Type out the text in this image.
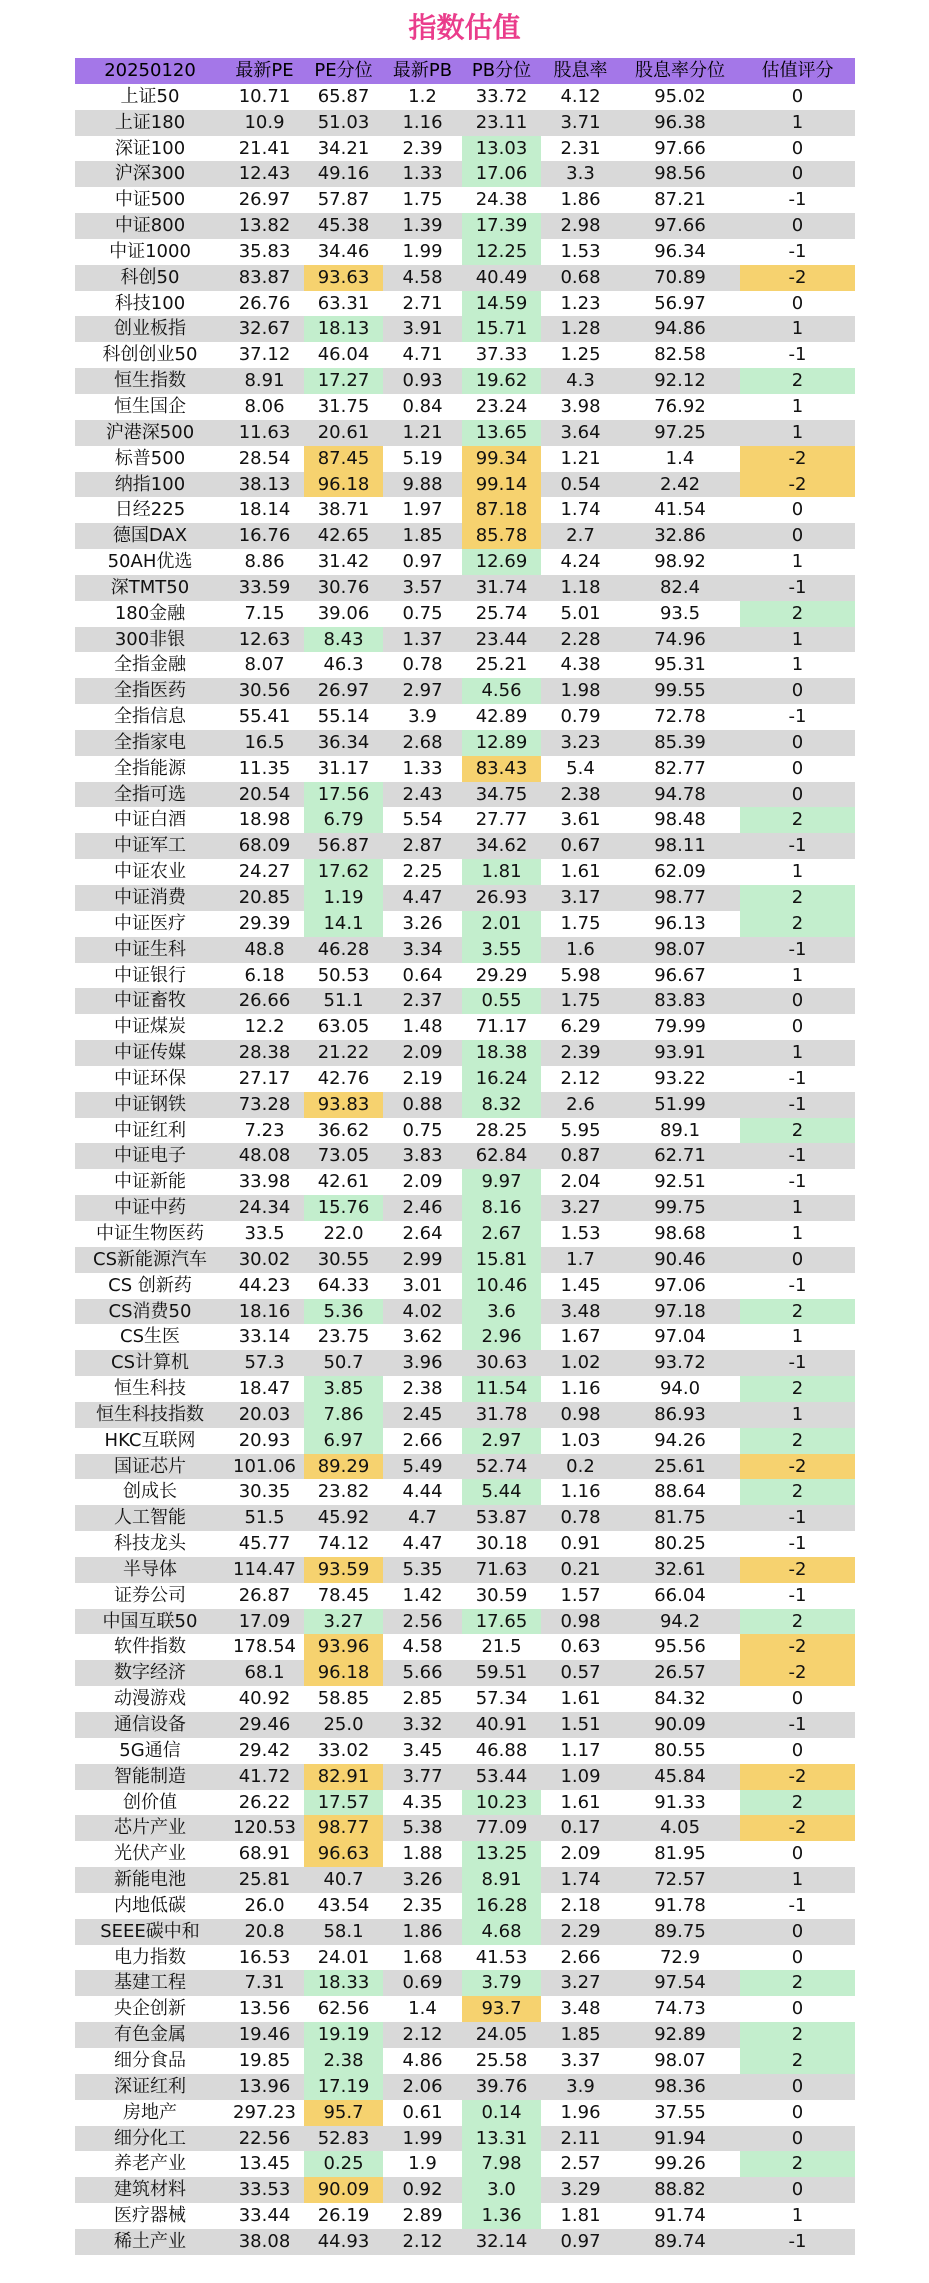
指数估值
20250120	最新PE	PE分位	最新PB	PB分位	股息率	股息率分位	估值评分
上证50	10.71	65.87	1.2	33.72	4.12	95.02	0
上证180	10.9	51.03	1.16	23.11	3.71	96.38	1
深证100	21.41	34.21	2.39	13.03	2.31	97.66	0
沪深300	12.43	49.16	1.33	17.06	3.3	98.56	0
中证500	26.97	57.87	1.75	24.38	1.86	87.21	-1
中证800	13.82	45.38	1.39	17.39	2.98	97.66	0
中证1000	35.83	34.46	1.99	12.25	1.53	96.34	-1
科创50	83.87	93.63	4.58	40.49	0.68	70.89	-2
科技100	26.76	63.31	2.71	14.59	1.23	56.97	0
创业板指	32.67	18.13	3.91	15.71	1.28	94.86	1
科创创业50	37.12	46.04	4.71	37.33	1.25	82.58	-1
恒生指数	8.91	17.27	0.93	19.62	4.3	92.12	2
恒生国企	8.06	31.75	0.84	23.24	3.98	76.92	1
沪港深500	11.63	20.61	1.21	13.65	3.64	97.25	1
标普500	28.54	87.45	5.19	99.34	1.21	1.4	-2
纳指100	38.13	96.18	9.88	99.14	0.54	2.42	-2
日经225	18.14	38.71	1.97	87.18	1.74	41.54	0
德国DAX	16.76	42.65	1.85	85.78	2.7	32.86	0
50AH优选	8.86	31.42	0.97	12.69	4.24	98.92	1
深TMT50	33.59	30.76	3.57	31.74	1.18	82.4	-1
180金融	7.15	39.06	0.75	25.74	5.01	93.5	2
300非银	12.63	8.43	1.37	23.44	2.28	74.96	1
全指金融	8.07	46.3	0.78	25.21	4.38	95.31	1
全指医药	30.56	26.97	2.97	4.56	1.98	99.55	0
全指信息	55.41	55.14	3.9	42.89	0.79	72.78	-1
全指家电	16.5	36.34	2.68	12.89	3.23	85.39	0
全指能源	11.35	31.17	1.33	83.43	5.4	82.77	0
全指可选	20.54	17.56	2.43	34.75	2.38	94.78	0
中证白酒	18.98	6.79	5.54	27.77	3.61	98.48	2
中证军工	68.09	56.87	2.87	34.62	0.67	98.11	-1
中证农业	24.27	17.62	2.25	1.81	1.61	62.09	1
中证消费	20.85	1.19	4.47	26.93	3.17	98.77	2
中证医疗	29.39	14.1	3.26	2.01	1.75	96.13	2
中证生科	48.8	46.28	3.34	3.55	1.6	98.07	-1
中证银行	6.18	50.53	0.64	29.29	5.98	96.67	1
中证畜牧	26.66	51.1	2.37	0.55	1.75	83.83	0
中证煤炭	12.2	63.05	1.48	71.17	6.29	79.99	0
中证传媒	28.38	21.22	2.09	18.38	2.39	93.91	1
中证环保	27.17	42.76	2.19	16.24	2.12	93.22	-1
中证钢铁	73.28	93.83	0.88	8.32	2.6	51.99	-1
中证红利	7.23	36.62	0.75	28.25	5.95	89.1	2
中证电子	48.08	73.05	3.83	62.84	0.87	62.71	-1
中证新能	33.98	42.61	2.09	9.97	2.04	92.51	-1
中证中药	24.34	15.76	2.46	8.16	3.27	99.75	1
中证生物医药	33.5	22.0	2.64	2.67	1.53	98.68	1
CS新能源汽车	30.02	30.55	2.99	15.81	1.7	90.46	0
CS 创新药	44.23	64.33	3.01	10.46	1.45	97.06	-1
CS消费50	18.16	5.36	4.02	3.6	3.48	97.18	2
CS生医	33.14	23.75	3.62	2.96	1.67	97.04	1
CS计算机	57.3	50.7	3.96	30.63	1.02	93.72	-1
恒生科技	18.47	3.85	2.38	11.54	1.16	94.0	2
恒生科技指数	20.03	7.86	2.45	31.78	0.98	86.93	1
HKC互联网	20.93	6.97	2.66	2.97	1.03	94.26	2
国证芯片	101.06	89.29	5.49	52.74	0.2	25.61	-2
创成长	30.35	23.82	4.44	5.44	1.16	88.64	2
人工智能	51.5	45.92	4.7	53.87	0.78	81.75	-1
科技龙头	45.77	74.12	4.47	30.18	0.91	80.25	-1
半导体	114.47	93.59	5.35	71.63	0.21	32.61	-2
证券公司	26.87	78.45	1.42	30.59	1.57	66.04	-1
中国互联50	17.09	3.27	2.56	17.65	0.98	94.2	2
软件指数	178.54	93.96	4.58	21.5	0.63	95.56	-2
数字经济	68.1	96.18	5.66	59.51	0.57	26.57	-2
动漫游戏	40.92	58.85	2.85	57.34	1.61	84.32	0
通信设备	29.46	25.0	3.32	40.91	1.51	90.09	-1
5G通信	29.42	33.02	3.45	46.88	1.17	80.55	0
智能制造	41.72	82.91	3.77	53.44	1.09	45.84	-2
创价值	26.22	17.57	4.35	10.23	1.61	91.33	2
芯片产业	120.53	98.77	5.38	77.09	0.17	4.05	-2
光伏产业	68.91	96.63	1.88	13.25	2.09	81.95	0
新能电池	25.81	40.7	3.26	8.91	1.74	72.57	1
内地低碳	26.0	43.54	2.35	16.28	2.18	91.78	-1
SEEE碳中和	20.8	58.1	1.86	4.68	2.29	89.75	0
电力指数	16.53	24.01	1.68	41.53	2.66	72.9	0
基建工程	7.31	18.33	0.69	3.79	3.27	97.54	2
央企创新	13.56	62.56	1.4	93.7	3.48	74.73	0
有色金属	19.46	19.19	2.12	24.05	1.85	92.89	2
细分食品	19.85	2.38	4.86	25.58	3.37	98.07	2
深证红利	13.96	17.19	2.06	39.76	3.9	98.36	0
房地产	297.23	95.7	0.61	0.14	1.96	37.55	0
细分化工	22.56	52.83	1.99	13.31	2.11	91.94	0
养老产业	13.45	0.25	1.9	7.98	2.57	99.26	2
建筑材料	33.53	90.09	0.92	3.0	3.29	88.82	0
医疗器械	33.44	26.19	2.89	1.36	1.81	91.74	1
稀土产业	38.08	44.93	2.12	32.14	0.97	89.74	-1
